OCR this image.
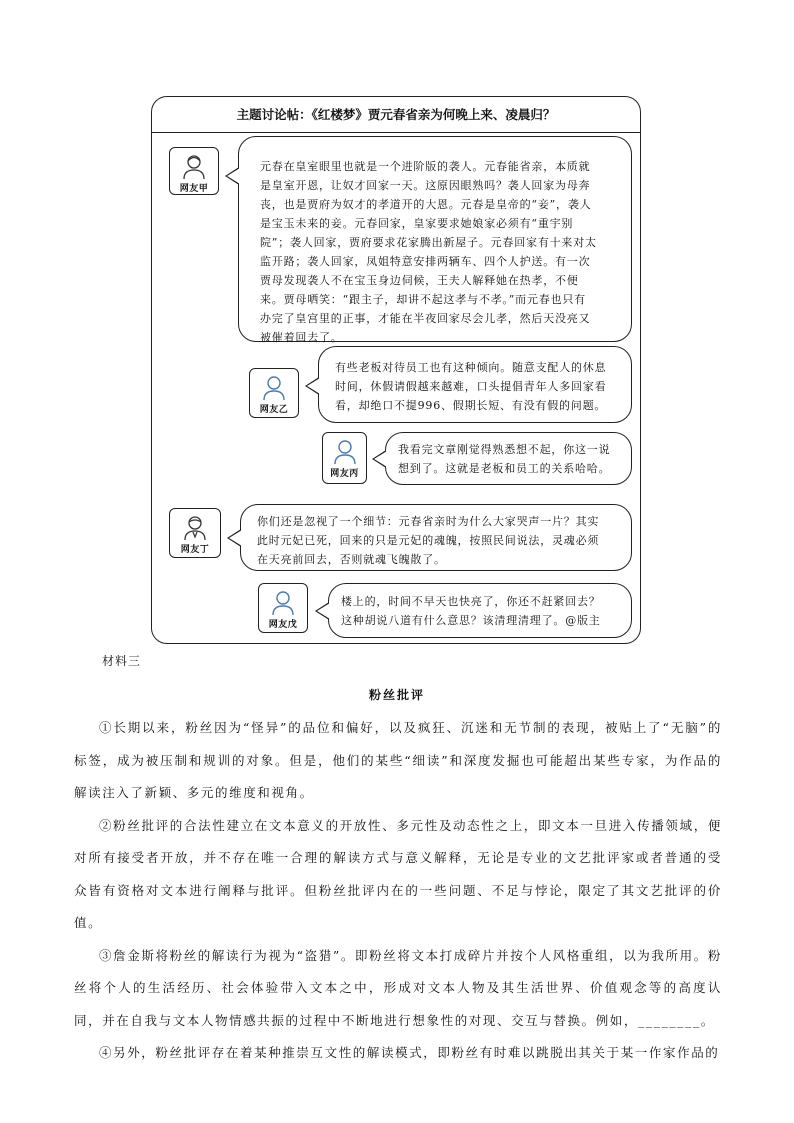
主题讨论帖：《红楼梦》贾元春省亲为何晚上来、凌晨归？
网友甲
元春在皇室眼里也就是一个进阶版的袭人。元春能省亲，本质就
是皇室开恩，让奴才回家一天。这原因眼熟吗？袭人回家为母奔
丧，也是贾府为奴才的孝道开的大恩。元春是皇帝的“妾”，袭人
是宝玉未来的妾。元春回家，皇家要求她娘家必须有“重宇别
院”；袭人回家，贾府要求花家腾出新屋子。元春回家有十来对太
监开路；袭人回家，凤姐特意安排两辆车、四个人护送。有一次
贾母发现袭人不在宝玉身边伺候，王夫人解释她在热孝，不便
来。贾母哂笑：“跟主子，却讲不起这孝与不孝。”而元春也只有
办完了皇宫里的正事，才能在半夜回家尽会儿孝，然后天没亮又
被催着回去了。
网友乙
有些老板对待员工也有这种倾向。随意支配人的休息
时间，休假请假越来越难，口头提倡青年人多回家看
看，却绝口不提996、假期长短、有没有假的问题。
网友丙
我看完文章刚觉得熟悉想不起，你这一说
想到了。这就是老板和员工的关系哈哈。
网友丁
你们还是忽视了一个细节：元春省亲时为什么大家哭声一片？其实
此时元妃已死，回来的只是元妃的魂魄，按照民间说法，灵魂必须
在天亮前回去，否则就魂飞魄散了。
网友戊
楼上的，时间不早天也快亮了，你还不赶紧回去？
这种胡说八道有什么意思？该清理清理了。@版主
材料三
粉丝批评

①长期以来，粉丝因为“怪异”的品位和偏好，以及疯狂、沉迷和无节制的表现，被贴上了“无脑”的标签，成为被压制和规训的对象。但是，他们的某些“细读”和深度发掘也可能超出某些专家，为作品的解读注入了新颖、多元的维度和视角。

②粉丝批评的合法性建立在文本意义的开放性、多元性及动态性之上，即文本一旦进入传播领域，便对所有接受者开放，并不存在唯一合理的解读方式与意义解释，无论是专业的文艺批评家或者普通的受众皆有资格对文本进行阐释与批评。但粉丝批评内在的一些问题、不足与悖论，限定了其文艺批评的价值。

③詹金斯将粉丝的解读行为视为“盗猎”。即粉丝将文本打成碎片并按个人风格重组，以为我所用。粉丝将个人的生活经历、社会体验带入文本之中，形成对文本人物及其生活世界、价值观念等的高度认同，并在自我与文本人物情感共振的过程中不断地进行想象性的对现、交互与替换。例如，________。

④另外，粉丝批评存在着某种推崇互文性的解读模式，即粉丝有时难以跳脱出其关于某一作家作品的
